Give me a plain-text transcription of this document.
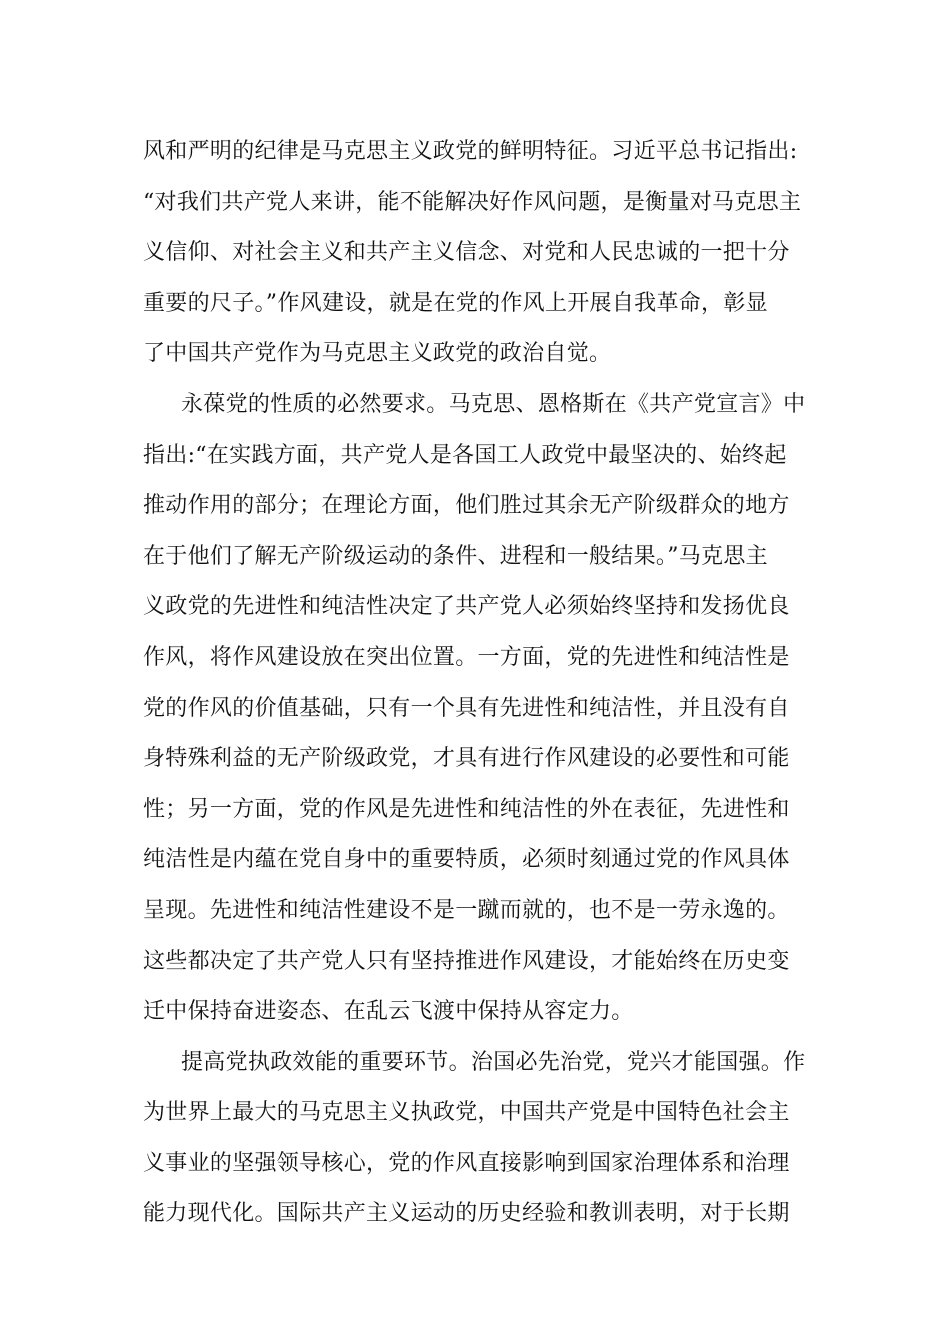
风和严明的纪律是马克思主义政党的鲜明特征。习近平总书记指出:
“对我们共产党人来讲，能不能解决好作风问题，是衡量对马克思主
义信仰、对社会主义和共产主义信念、对党和人民忠诚的一把十分
重要的尺子。”作风建设，就是在党的作风上开展自我革命，彰显
了中国共产党作为马克思主义政党的政治自觉。
永葆党的性质的必然要求。马克思、恩格斯在《共产党宣言》中
指出:“在实践方面，共产党人是各国工人政党中最坚决的、始终起
推动作用的部分；在理论方面，他们胜过其余无产阶级群众的地方
在于他们了解无产阶级运动的条件、进程和一般结果。”马克思主
义政党的先进性和纯洁性决定了共产党人必须始终坚持和发扬优良
作风，将作风建设放在突出位置。一方面，党的先进性和纯洁性是
党的作风的价值基础，只有一个具有先进性和纯洁性，并且没有自
身特殊利益的无产阶级政党，才具有进行作风建设的必要性和可能
性；另一方面，党的作风是先进性和纯洁性的外在表征，先进性和
纯洁性是内蕴在党自身中的重要特质，必须时刻通过党的作风具体
呈现。先进性和纯洁性建设不是一蹴而就的，也不是一劳永逸的。
这些都决定了共产党人只有坚持推进作风建设，才能始终在历史变
迁中保持奋进姿态、在乱云飞渡中保持从容定力。
提高党执政效能的重要环节。治国必先治党，党兴才能国强。作
为世界上最大的马克思主义执政党，中国共产党是中国特色社会主
义事业的坚强领导核心，党的作风直接影响到国家治理体系和治理
能力现代化。国际共产主义运动的历史经验和教训表明，对于长期
